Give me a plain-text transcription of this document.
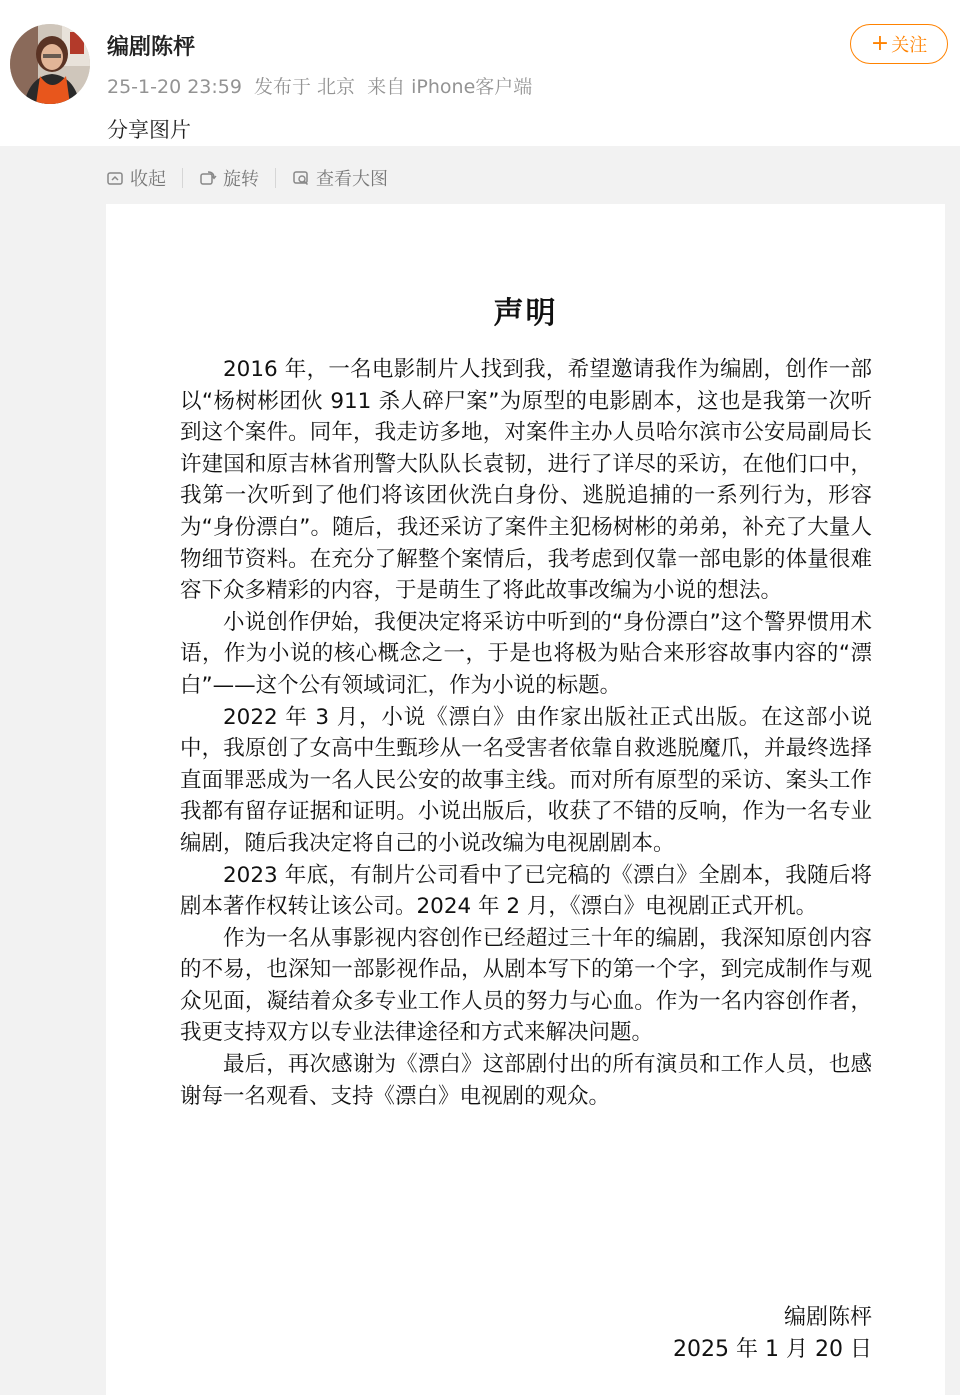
编剧陈枰
25-1-20 23:59 发布于 北京 来自 iPhone客户端
+ 关注
分享图片
收起	旋转	查看大图
声明

2016 年，一名电影制片人找到我，希望邀请我作为编剧，创作一部以“杨树彬团伙 911 杀人碎尸案”为原型的电影剧本，这也是我第一次听到这个案件。同年，我走访多地，对案件主办人员哈尔滨市公安局副局长许建国和原吉林省刑警大队队长袁韧，进行了详尽的采访，在他们口中，我第一次听到了他们将该团伙洗白身份、逃脱追捕的一系列行为，形容为“身份漂白”。随后，我还采访了案件主犯杨树彬的弟弟，补充了大量人物细节资料。在充分了解整个案情后，我考虑到仅靠一部电影的体量很难容下众多精彩的内容，于是萌生了将此故事改编为小说的想法。

小说创作伊始，我便决定将采访中听到的“身份漂白”这个警界惯用术语，作为小说的核心概念之一，于是也将极为贴合来形容故事内容的“漂白”——这个公有领域词汇，作为小说的标题。

2022 年 3 月，小说《漂白》由作家出版社正式出版。在这部小说中，我原创了女高中生甄珍从一名受害者依靠自救逃脱魔爪，并最终选择直面罪恶成为一名人民公安的故事主线。而对所有原型的采访、案头工作我都有留存证据和证明。小说出版后，收获了不错的反响，作为一名专业编剧，随后我决定将自己的小说改编为电视剧剧本。

2023 年底，有制片公司看中了已完稿的《漂白》全剧本，我随后将剧本著作权转让该公司。2024 年 2 月，《漂白》电视剧正式开机。

作为一名从事影视内容创作已经超过三十年的编剧，我深知原创内容的不易，也深知一部影视作品，从剧本写下的第一个字，到完成制作与观众见面，凝结着众多专业工作人员的努力与心血。作为一名内容创作者，我更支持双方以专业法律途径和方式来解决问题。

最后，再次感谢为《漂白》这部剧付出的所有演员和工作人员，也感谢每一名观看、支持《漂白》电视剧的观众。

编剧陈枰
2025 年 1 月 20 日
